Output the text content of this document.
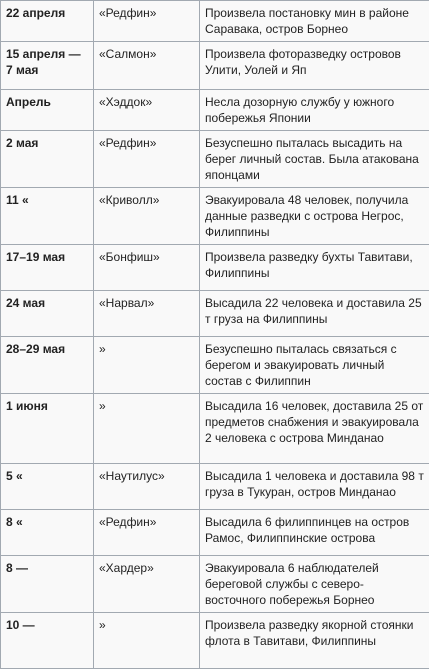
22 апреля	«Редфин»	Произвела постановку мин в районе Саравака, остров Борнео
15 апреля — 7 мая	«Салмон»	Произвела фоторазведку островов Улити, Уолей и Яп
Апрель	«Хэддок»	Несла дозорную службу у южного побережья Японии
2 мая	«Редфин»	Безуспешно пыталась высадить на берег личный состав. Была атакована японцами
11 «	«Криволл»	Эвакуировала 48 человек, получила данные разведки с острова Негрос, Филиппины
17–19 мая	«Бонфиш»	Произвела разведку бухты Тавитави, Филиппины
24 мая	«Нарвал»	Высадила 22 человека и доставила 25 т груза на Филиппины
28–29 мая	»	Безуспешно пыталась связаться с берегом и эвакуировать личный состав с Филиппин
1 июня	»	Высадила 16 человек, доставила 25 от предметов снабжения и эвакуировала 2 человека с острова Минданао
5 «	«Наутилус»	Высадила 1 человека и доставила 98 т груза в Тукуран, остров Минданао
8 «	«Редфин»	Высадила 6 филиппинцев на остров Рамос, Филиппинские острова
8 —	«Хардер»	Эвакуировала 6 наблюдателей береговой службы с северо-восточного побережья Борнео
10 —	»	Произвела разведку якорной стоянки флота в Тавитави, Филиппины
